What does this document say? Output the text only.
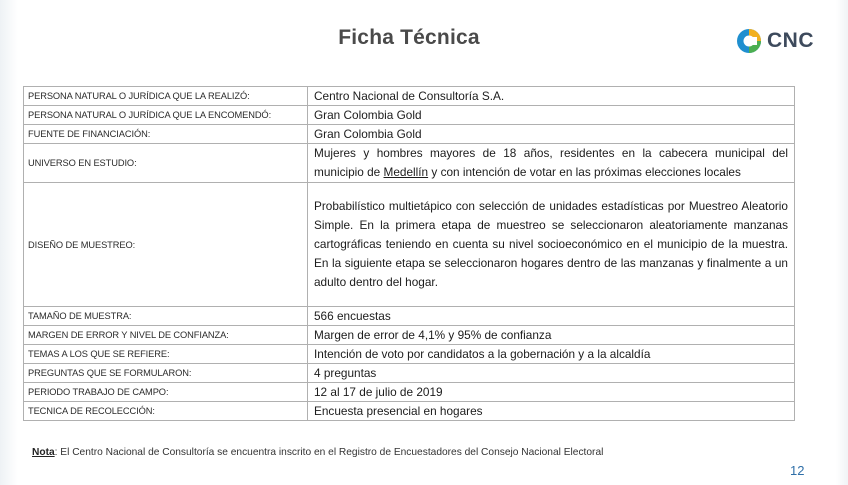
Ficha Técnica	CNC
PERSONA NATURAL O JURÍDICA QUE LA REALIZÓ:	Centro Nacional de Consultoría S.A.
PERSONA NATURAL O JURÍDICA QUE LA ENCOMENDÓ:	Gran Colombia Gold
FUENTE DE FINANCIACIÓN:	Gran Colombia Gold
UNIVERSO EN ESTUDIO:	Mujeres y hombres mayores de 18 años, residentes en la cabecera municipal del municipio de Medellín y con intención de votar en las próximas elecciones locales
DISEÑO DE MUESTREO:	Probabilístico multietápico con selección de unidades estadísticas por Muestreo Aleatorio Simple. En la primera etapa de muestreo se seleccionaron aleatoriamente manzanas cartográficas teniendo en cuenta su nivel socioeconómico en el municipio de la muestra. En la siguiente etapa se seleccionaron hogares dentro de las manzanas y finalmente a un adulto dentro del hogar.
TAMAÑO DE MUESTRA:	566 encuestas
MARGEN DE ERROR Y NIVEL DE CONFIANZA:	Margen de error de 4,1% y 95% de confianza
TEMAS A LOS QUE SE REFIERE:	Intención de voto por candidatos a la gobernación y a la alcaldía
PREGUNTAS QUE SE FORMULARON:	4 preguntas
PERIODO TRABAJO DE CAMPO:	12 al 17 de julio de 2019
TECNICA DE RECOLECCIÓN:	Encuesta presencial en hogares
Nota: El Centro Nacional de Consultoría se encuentra inscrito en el Registro de Encuestadores del Consejo Nacional Electoral
12
